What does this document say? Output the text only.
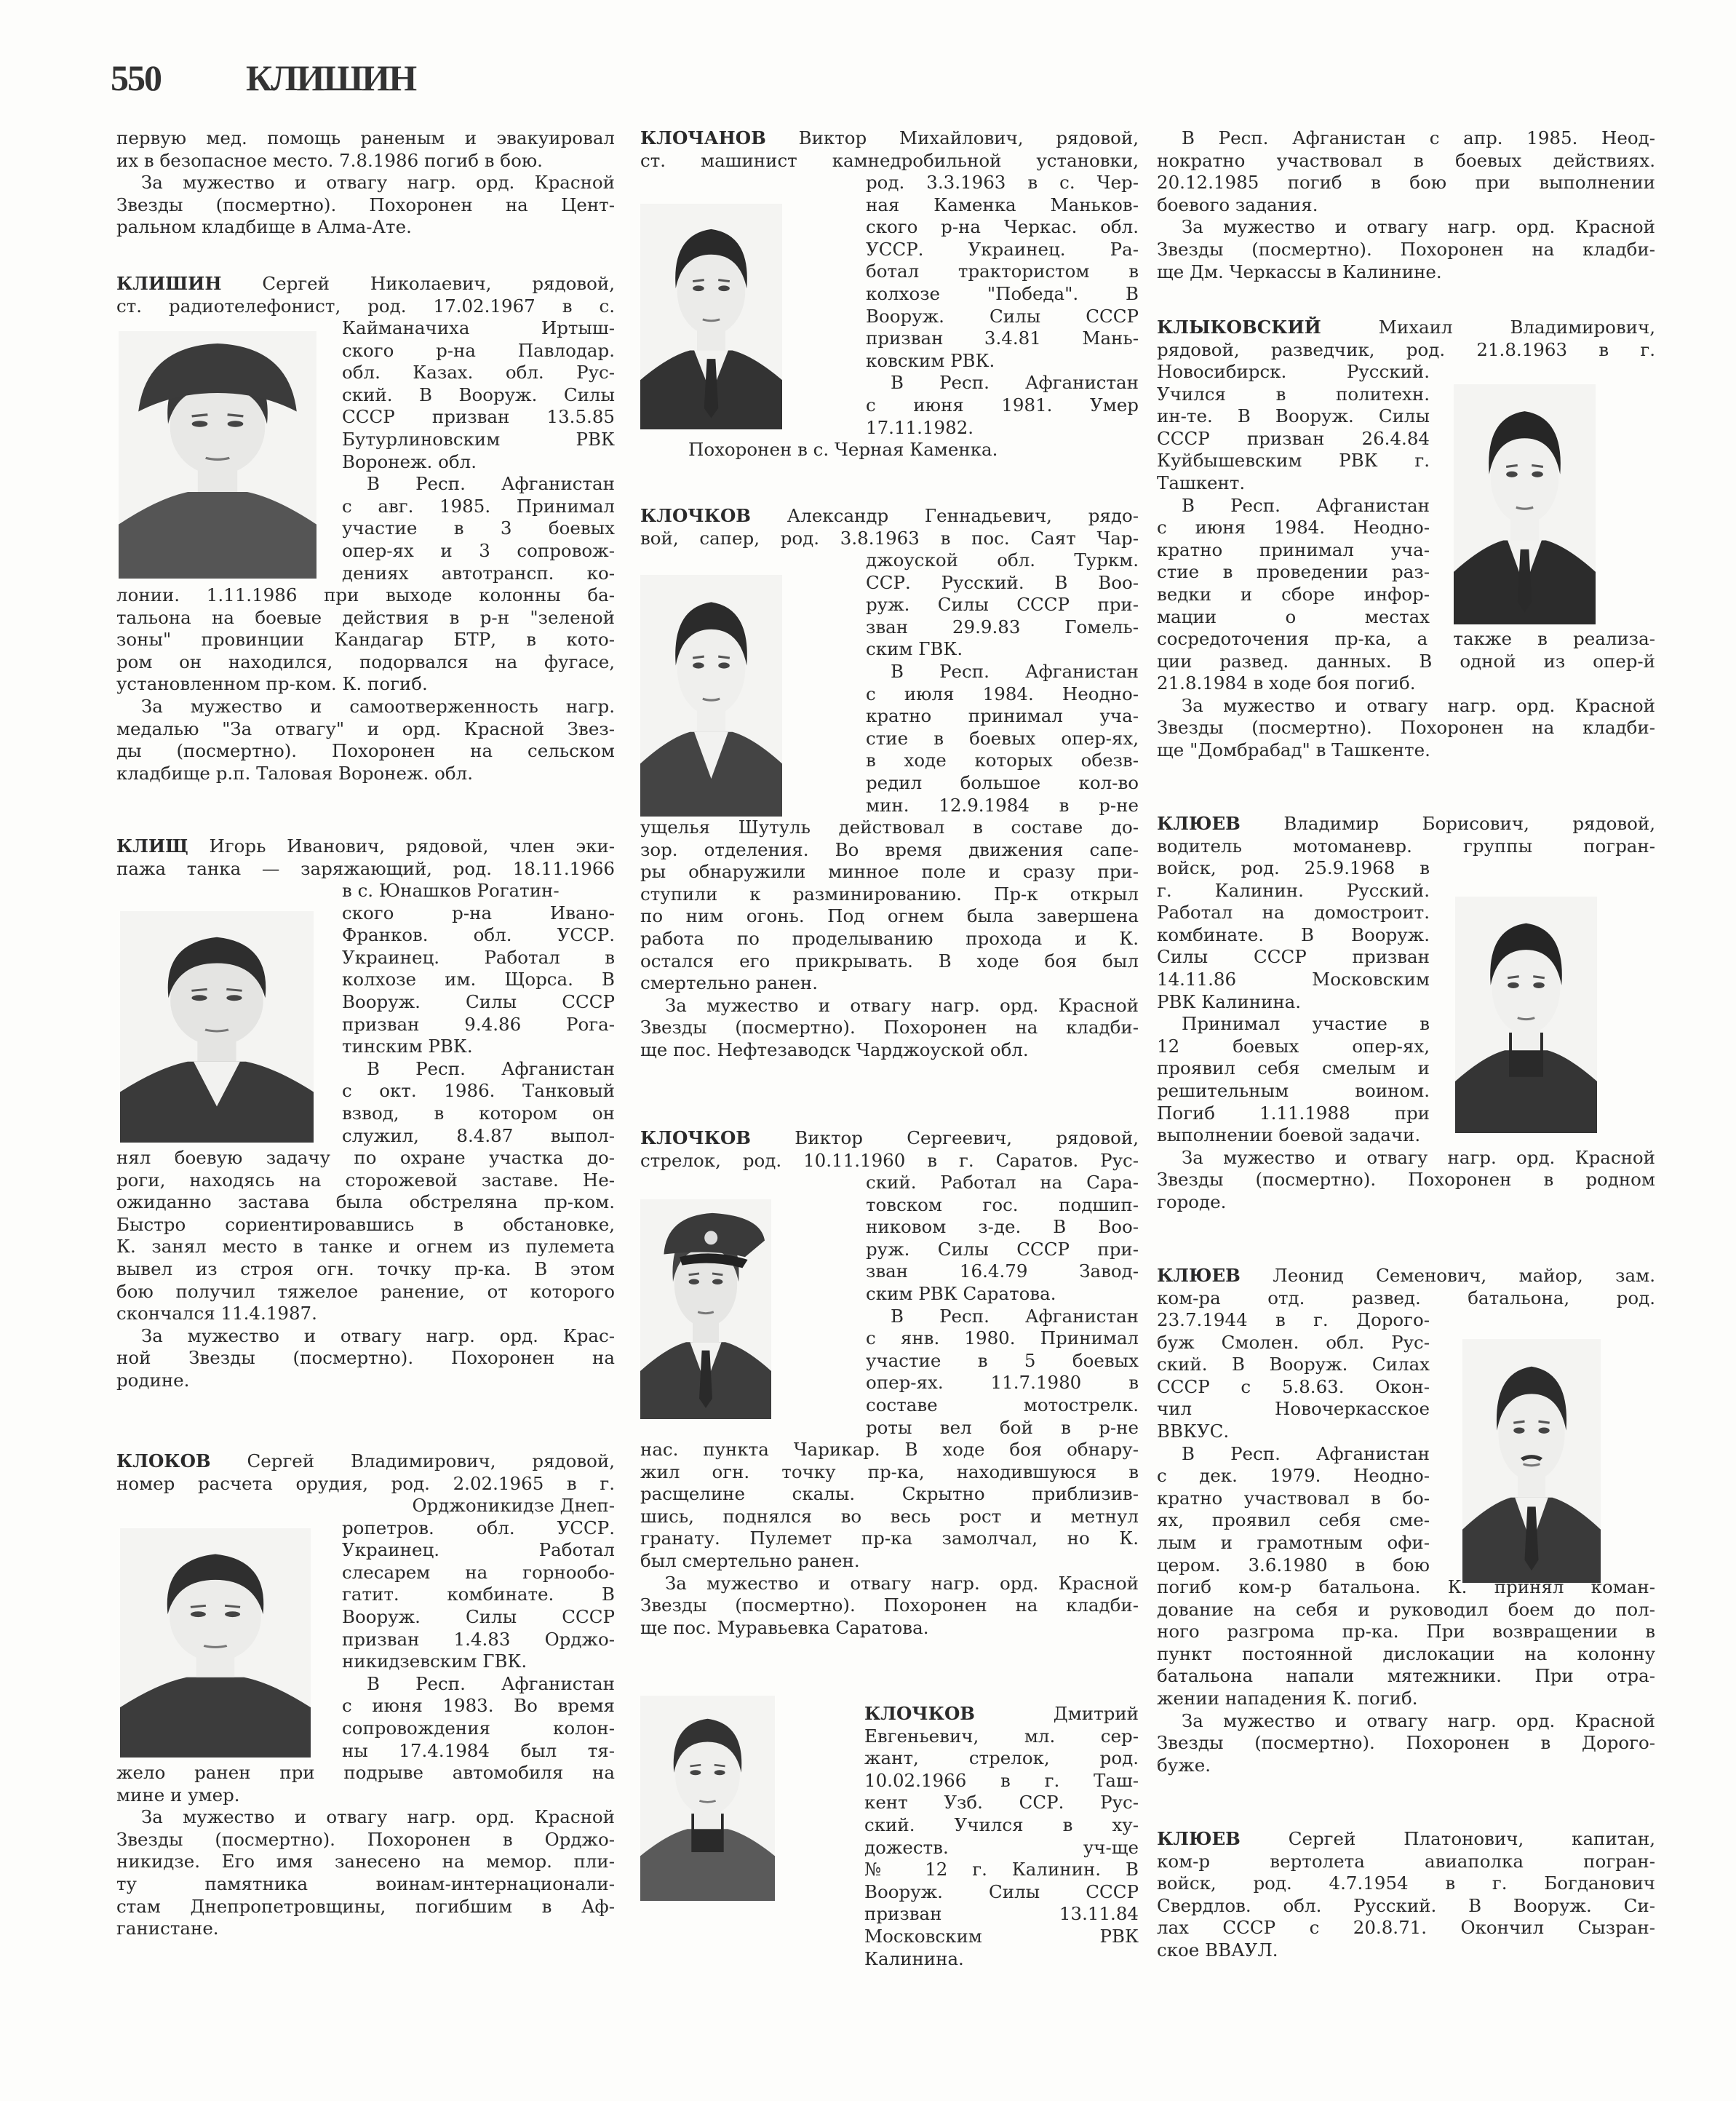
550 КЛИШИН
первую мед. помощь раненым и эвакуировал
их в безопасное место. 7.8.1986 погиб в бою.
За мужество и отвагу нагр. орд. Красной
Звезды (посмертно). Похоронен на Цент-
ральном кладбище в Алма-Ате.
КЛИШИН Сергей Николаевич, рядовой,
ст. радиотелефонист, род. 17.02.1967 в с.
Кайманачиха Иртыш-
ского р-на Павлодар.
обл. Казах. обл. Рус-
ский. В Вооруж. Силы
СССР призван 13.5.85
Бутурлиновским РВК
Воронеж. обл.
В Респ. Афганистан
с авг. 1985. Принимал
участие в 3 боевых
опер-ях и 3 сопровож-
дениях автотрансп. ко-
лонии. 1.11.1986 при выходе колонны ба-
тальона на боевые действия в р-н "зеленой
зоны" провинции Кандагар БТР, в кото-
ром он находился, подорвался на фугасе,
установленном пр-ком. К. погиб.
За мужество и самоотверженность нагр.
медалью "За отвагу" и орд. Красной Звез-
ды (посмертно). Похоронен на сельском
кладбище р.п. Таловая Воронеж. обл.
КЛИЩ Игорь Иванович, рядовой, член эки-
пажа танка — заряжающий, род. 18.11.1966
в с. Юнашков Рогатин-
ского р-на Ивано-
Франков. обл. УССР.
Украинец. Работал в
колхозе им. Щорса. В
Вооруж. Силы СССР
призван 9.4.86 Рога-
тинским РВК.
В Респ. Афганистан
с окт. 1986. Танковый
взвод, в котором он
служил, 8.4.87 выпол-
нял боевую задачу по охране участка до-
роги, находясь на сторожевой заставе. Не-
ожиданно застава была обстреляна пр-ком.
Быстро сориентировавшись в обстановке,
К. занял место в танке и огнем из пулемета
вывел из строя огн. точку пр-ка. В этом
бою получил тяжелое ранение, от которого
скончался 11.4.1987.
За мужество и отвагу нагр. орд. Крас-
ной Звезды (посмертно). Похоронен на
родине.
КЛОКОВ Сергей Владимирович, рядовой,
номер расчета орудия, род. 2.02.1965 в г.
Орджоникидзе Днеп-
ропетров. обл. УССР.
Украинец. Работал
слесарем на горнообо-
гатит. комбинате. В
Вооруж. Силы СССР
призван 1.4.83 Орджо-
никидзевским ГВК.
В Респ. Афганистан
с июня 1983. Во время
сопровождения колон-
ны 17.4.1984 был тя-
жело ранен при подрыве автомобиля на
мине и умер.
За мужество и отвагу нагр. орд. Красной
Звезды (посмертно). Похоронен в Орджо-
никидзе. Его имя занесено на мемор. пли-
ту памятника воинам-интернационали-
стам Днепропетровщины, погибшим в Аф-
ганистане.
КЛОЧАНОВ Виктор Михайлович, рядовой,
ст. машинист камнедробильной установки,
род. 3.3.1963 в с. Чер-
ная Каменка Маньков-
ского р-на Черкас. обл.
УССР. Украинец. Ра-
ботал трактористом в
колхозе "Победа". В
Вооруж. Силы СССР
призван 3.4.81 Мань-
ковским РВК.
В Респ. Афганистан
с июня 1981. Умер
17.11.1982.
Похоронен в с. Черная Каменка.
КЛОЧКОВ Александр Геннадьевич, рядо-
вой, сапер, род. 3.8.1963 в пос. Саят Чар-
джоуской обл. Туркм.
ССР. Русский. В Воо-
руж. Силы СССР при-
зван 29.9.83 Гомель-
ским ГВК.
В Респ. Афганистан
с июля 1984. Неодно-
кратно принимал уча-
стие в боевых опер-ях,
в ходе которых обезв-
редил большое кол-во
мин. 12.9.1984 в р-не
ущелья Шутуль действовал в составе до-
зор. отделения. Во время движения сапе-
ры обнаружили минное поле и сразу при-
ступили к разминированию. Пр-к открыл
по ним огонь. Под огнем была завершена
работа по проделыванию прохода и К.
остался его прикрывать. В ходе боя был
смертельно ранен.
За мужество и отвагу нагр. орд. Красной
Звезды (посмертно). Похоронен на кладби-
ще пос. Нефтезаводск Чарджоуской обл.
КЛОЧКОВ Виктор Сергеевич, рядовой,
стрелок, род. 10.11.1960 в г. Саратов. Рус-
ский. Работал на Сара-
товском гос. подшип-
никовом з-де. В Воо-
руж. Силы СССР при-
зван 16.4.79 Завод-
ским РВК Саратова.
В Респ. Афганистан
с янв. 1980. Принимал
участие в 5 боевых
опер-ях. 11.7.1980 в
составе мотострелк.
роты вел бой в р-не
нас. пункта Чарикар. В ходе боя обнару-
жил огн. точку пр-ка, находившуюся в
расщелине скалы. Скрытно приблизив-
шись, поднялся во весь рост и метнул
гранату. Пулемет пр-ка замолчал, но К.
был смертельно ранен.
За мужество и отвагу нагр. орд. Красной
Звезды (посмертно). Похоронен на кладби-
ще пос. Муравьевка Саратова.
КЛОЧКОВ Дмитрий
Евгеньевич, мл. сер-
жант, стрелок, род.
10.02.1966 в г. Таш-
кент Узб. ССР. Рус-
ский. Учился в ху-
дожеств. уч-ще
№ 12 г. Калинин. В
Вооруж. Силы СССР
призван 13.11.84
Московским РВК
Калинина.
В Респ. Афганистан с апр. 1985. Неод-
нократно участвовал в боевых действиях.
20.12.1985 погиб в бою при выполнении
боевого задания.
За мужество и отвагу нагр. орд. Красной
Звезды (посмертно). Похоронен на кладби-
ще Дм. Черкассы в Калинине.
КЛЫКОВСКИЙ Михаил Владимирович,
рядовой, разведчик, род. 21.8.1963 в г.
Новосибирск. Русский.
Учился в политехн.
ин-те. В Вооруж. Силы
СССР призван 26.4.84
Куйбышевским РВК г.
Ташкент.
В Респ. Афганистан
с июня 1984. Неодно-
кратно принимал уча-
стие в проведении раз-
ведки и сборе инфор-
мации о местах
сосредоточения пр-ка, а также в реализа-
ции развед. данных. В одной из опер-й
21.8.1984 в ходе боя погиб.
За мужество и отвагу нагр. орд. Красной
Звезды (посмертно). Похоронен на кладби-
ще "Домбрабад" в Ташкенте.
КЛЮЕВ Владимир Борисович, рядовой,
водитель мотоманевр. группы погран-
войск, род. 25.9.1968 в
г. Калинин. Русский.
Работал на домостроит.
комбинате. В Вооруж.
Силы СССР призван
14.11.86 Московским
РВК Калинина.
Принимал участие в
12 боевых опер-ях,
проявил себя смелым и
решительным воином.
Погиб 1.11.1988 при
выполнении боевой задачи.
За мужество и отвагу нагр. орд. Красной
Звезды (посмертно). Похоронен в родном
городе.
КЛЮЕВ Леонид Семенович, майор, зам.
ком-ра отд. развед. батальона, род.
23.7.1944 в г. Дорого-
буж Смолен. обл. Рус-
ский. В Вооруж. Силах
СССР с 5.8.63. Окон-
чил Новочеркасское
ВВКУС.
В Респ. Афганистан
с дек. 1979. Неодно-
кратно участвовал в бо-
ях, проявил себя сме-
лым и грамотным офи-
цером. 3.6.1980 в бою
погиб ком-р батальона. К. принял коман-
дование на себя и руководил боем до пол-
ного разгрома пр-ка. При возвращении в
пункт постоянной дислокации на колонну
батальона напали мятежники. При отра-
жении нападения К. погиб.
За мужество и отвагу нагр. орд. Красной
Звезды (посмертно). Похоронен в Дорого-
буже.
КЛЮЕВ Сергей Платонович, капитан,
ком-р вертолета авиаполка погран-
войск, род. 4.7.1954 в г. Богданович
Свердлов. обл. Русский. В Вооруж. Си-
лах СССР с 20.8.71. Окончил Сызран-
ское ВВАУЛ.
